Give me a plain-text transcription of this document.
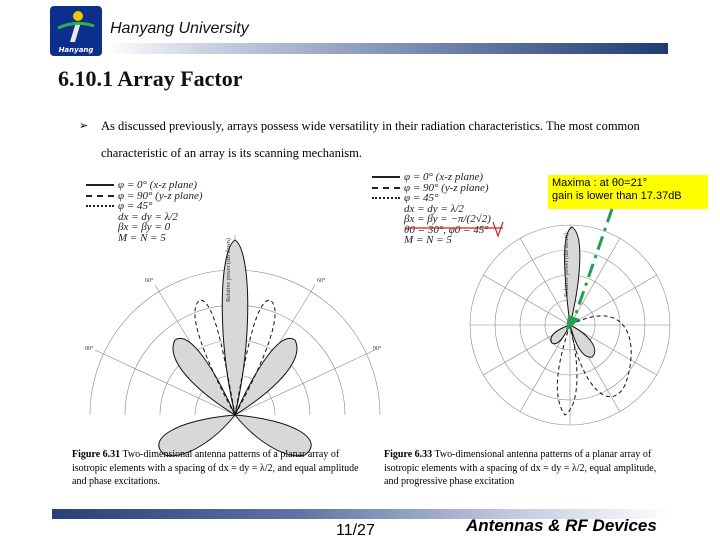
Hanyang
Hanyang University
6.10.1 Array Factor
➢	As discussed previously, arrays possess wide versatility in their radiation characteristics. The most common characteristic of an array is its scanning mechanism.
φ = 0° (x-z plane)
φ = 90° (y-z plane)
φ = 45°
dx = dy = λ/2
βx = βy = 0
M = N = 5
Relative power (dB down)
90°	90°
60°	60°
Figure 6.31 Two-dimensional antenna patterns of a planar array of isotropic elements with a spacing of dx = dy = λ/2, and equal amplitude and phase excitations.
φ = 0° (x-z plane)
φ = 90° (y-z plane)
φ = 45°
dx = dy = λ/2
βx = βy = −π/(2√2)
θ0 = 30°, φ0 = 45°
M = N = 5
Maxima : at θ0=21°
gain is lower than 17.37dB
Relative power (dB down)
Figure 6.33 Two-dimensional antenna patterns of a planar array of isotropic elements with a spacing of dx = dy = λ/2, equal amplitude, and progressive phase excitation
11/27	Antennas & RF Devices
